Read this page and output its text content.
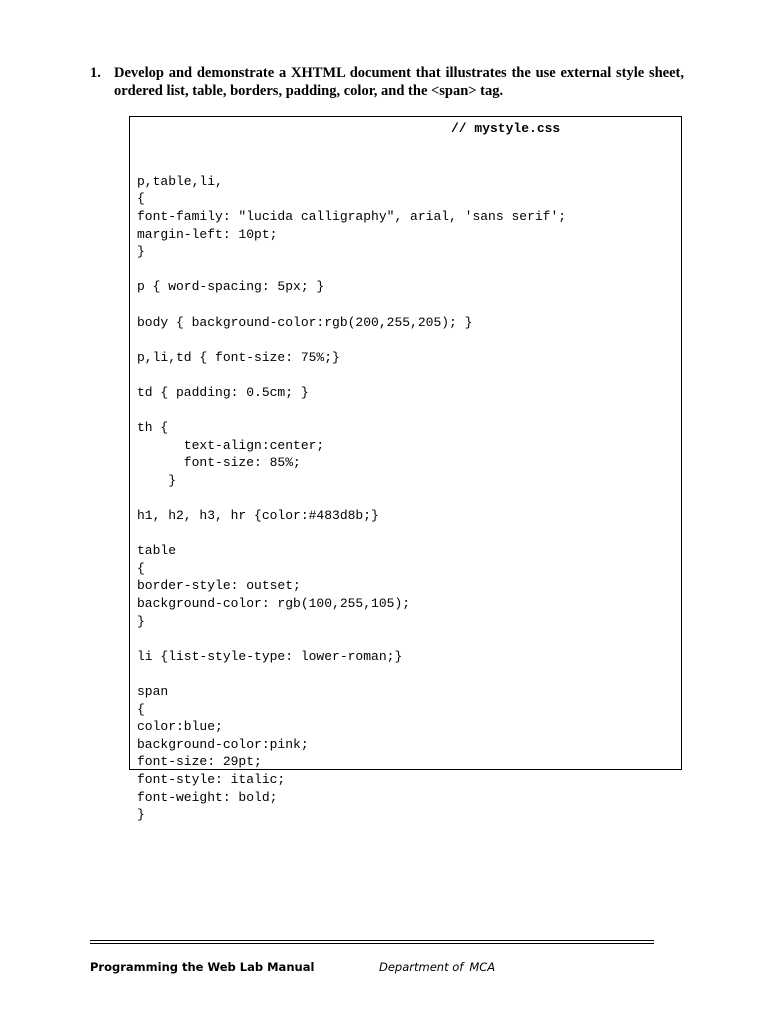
1. Develop and demonstrate a XHTML document that illustrates the use external style sheet, ordered list, table, borders, padding, color, and the <span> tag.

// mystyle.css

p,table,li,
{
font-family: "lucida calligraphy", arial, 'sans serif';
margin-left: 10pt;
}
p { word-spacing: 5px; }
body { background-color:rgb(200,255,205); }
p,li,td { font-size: 75%;}
td { padding: 0.5cm; }
th {
text-align:center;
font-size: 85%;
}
h1, h2, h3, hr {color:#483d8b;}
table
{
border-style: outset;
background-color: rgb(100,255,105);
}
li {list-style-type: lower-roman;}
span
{
color:blue;
background-color:pink;
font-size: 29pt;
font-style: italic;
font-weight: bold;
}
Programming the Web Lab Manual	Department of MCA
